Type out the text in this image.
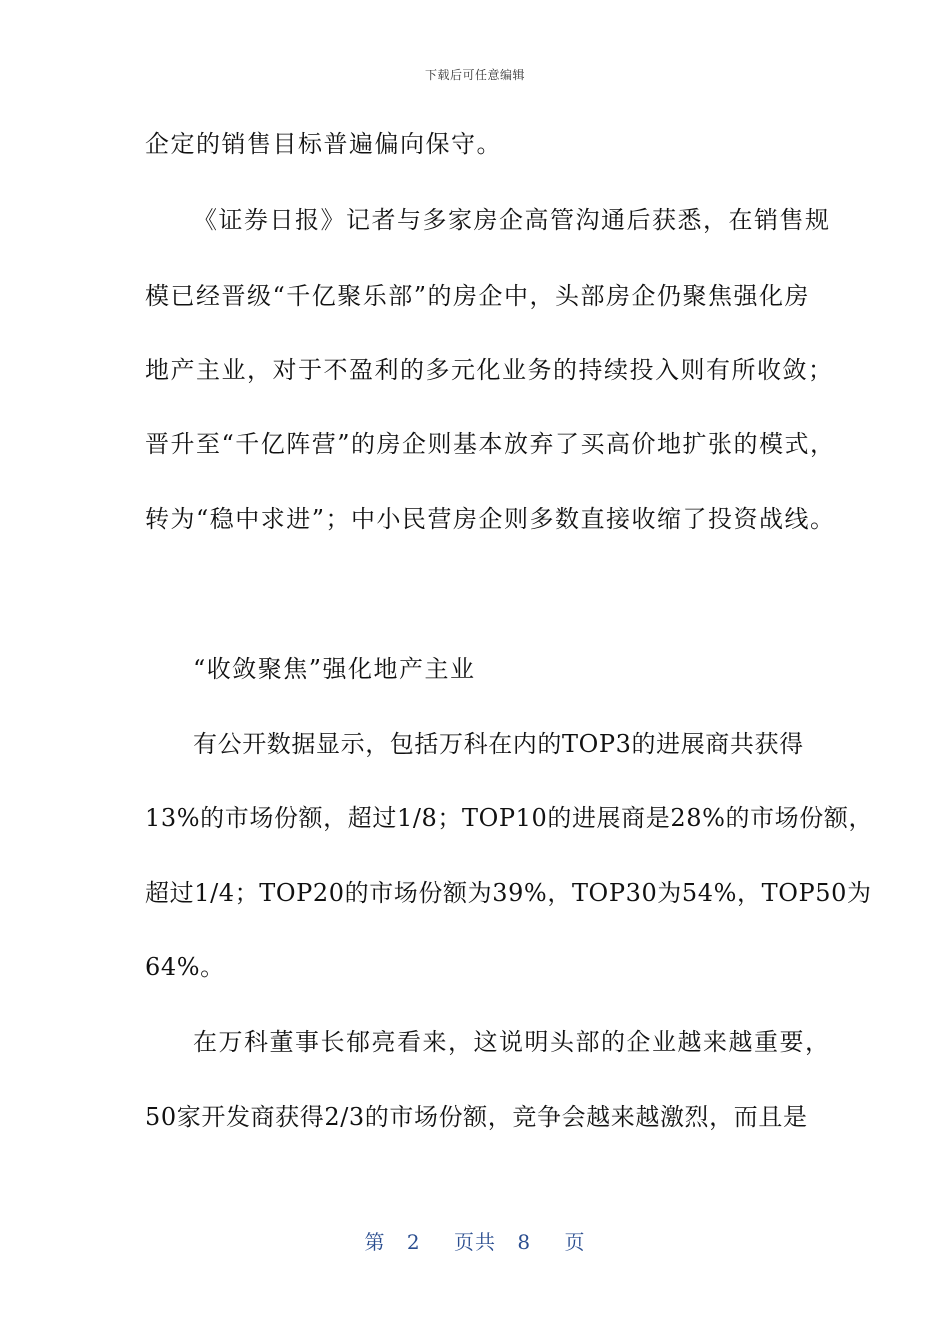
下载后可任意编辑
企定的销售目标普遍偏向保守。
《证券日报》记者与多家房企高管沟通后获悉，在销售规
模已经晋级“千亿聚乐部”的房企中，头部房企仍聚焦强化房
地产主业，对于不盈利的多元化业务的持续投入则有所收敛；
晋升至“千亿阵营”的房企则基本放弃了买高价地扩张的模式，
转为“稳中求进”；中小民营房企则多数直接收缩了投资战线。
“收敛聚焦”强化地产主业
有公开数据显示，包括万科在内的TOP3的进展商共获得
13%的市场份额，超过1/8；TOP10的进展商是28%的市场份额，
超过1/4；TOP20的市场份额为39%，TOP30为54%，TOP50为
64%。
在万科董事长郁亮看来，这说明头部的企业越来越重要，
50家开发商获得2/3的市场份额，竞争会越来越激烈，而且是
第 2 页共 8 页
